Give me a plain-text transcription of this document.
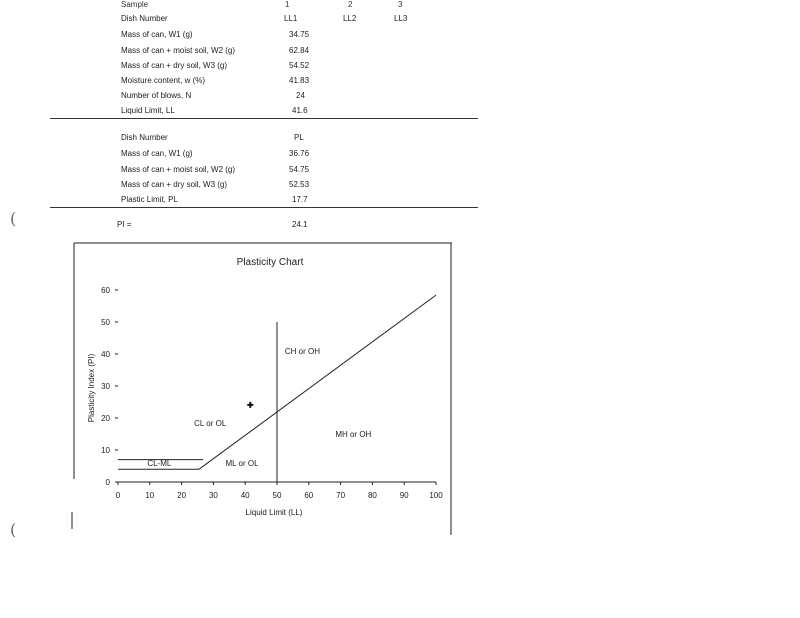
Sample	1	2	3
Dish Number	LL1	LL2	LL3
Mass of can, W1 (g)	34.75
Mass of can + moist soil, W2 (g)	62.84
Mass of can + dry soil, W3 (g)	54.52
Moisture content, w (%)	41.83
Number of blows, N	24
Liquid Limit, LL	41.6
Dish Number	PL
Mass of can, W1 (g)	36.76
Mass of can + moist soil, W2 (g)	54.75
Mass of can + dry soil, W3 (g)	52.53
Plastic Limit, PL	17.7
PI =	24.1
(
(
Plasticity Chart
0	10	20	30	40	50	60	70	80	90	100
0
10
20
30
40
50
60
CH or OH
CL or OL
MH or OH
ML or OL
CL-ML
Liquid Limit (LL)
Plasticity Index (PI)
